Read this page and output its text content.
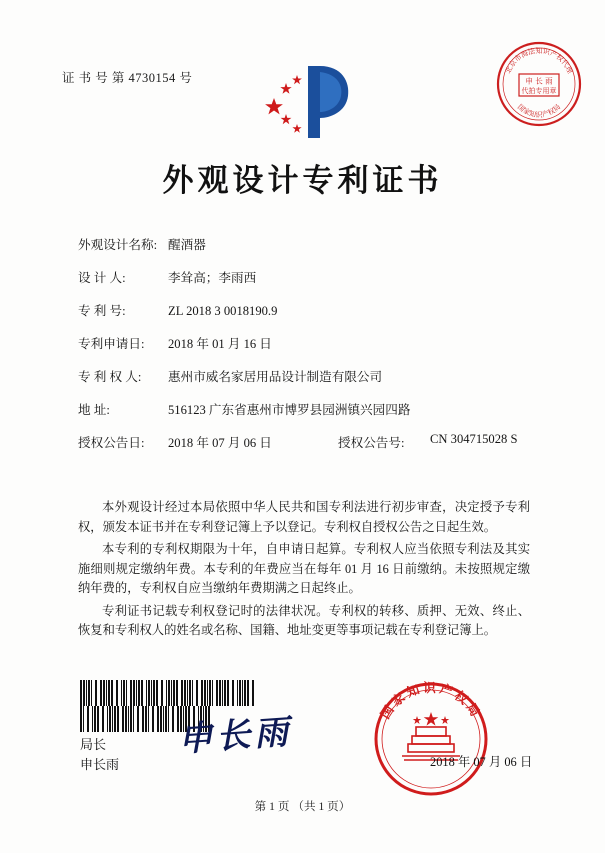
证 书 号 第 4730154 号	申 长 雨
代拍专用章
北京市海法知识产权代理
国家知识产权局
外观设计专利证书
外观设计名称: 醒酒器
设 计 人:	李耸高；李雨西
专 利 号:	ZL 2018 3 0018190.9
专利申请日: 2018 年 01 月 16 日
专 利 权 人: 惠州市威名家居用品设计制造有限公司
地 址:	516123 广东省惠州市博罗县园洲镇兴园四路
授权公告日: 2018 年 07 月 06 日	授权公告号: CN 304715028 S

本外观设计经过本局依照中华人民共和国专利法进行初步审查，决定授予专利权，颁发本证书并在专利登记簿上予以登记。专利权自授权公告之日起生效。

本专利的专利权期限为十年，自申请日起算。专利权人应当依照专利法及其实施细则规定缴纳年费。本专利的年费应当在每年 01 月 16 日前缴纳。未按照规定缴纳年费的，专利权自应当缴纳年费期满之日起终止。

专利证书记载专利权登记时的法律状况。专利权的转移、质押、无效、终止、恢复和专利权人的姓名或名称、国籍、地址变更等事项记载在专利登记簿上。

局长
申长雨
申长雨
国家知识产权局
2018 年 07 月 06 日
第 1 页 （共 1 页）
